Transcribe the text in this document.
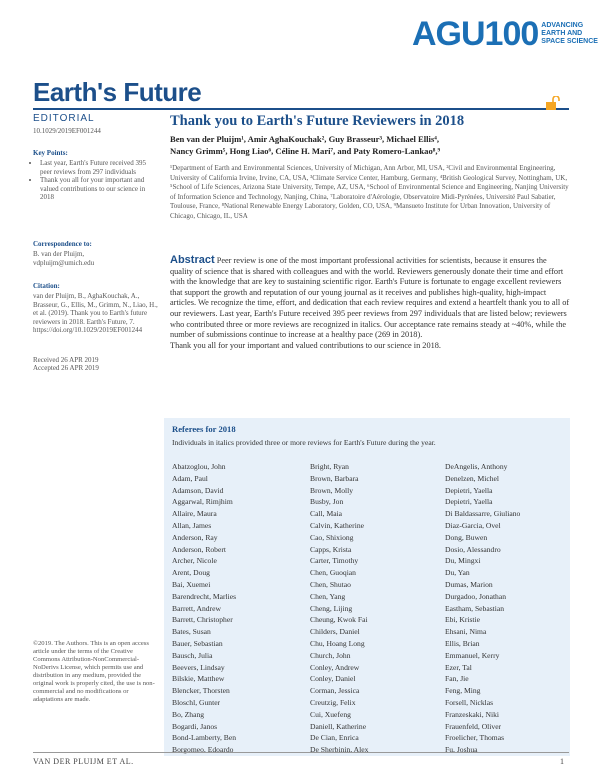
AGU100 ADVANCING
EARTH AND
SPACE SCIENCE
Earth's Future
EDITORIAL
10.1029/2019EF001244
Key Points:
• Last year, Earth's Future received 395 peer reviews from 297 individuals
• Thank you all for your important and valued contributions to our science in 2018
Correspondence to:
B. van der Pluijm,
vdpluijm@umich.edu
Citation:
van der Pluijm, B., AghaKouchak, A., Brasseur, G., Ellis, M., Grimm, N., Liao, H., et al. (2019). Thank you to Earth's future reviewers in 2018. Earth's Future, 7. https://doi.org/10.1029/2019EF001244
Received 26 APR 2019
Accepted 26 APR 2019
©2019. The Authors. This is an open access article under the terms of the Creative Commons Attribution-NonCommercial-NoDerivs License, which permits use and distribution in any medium, provided the original work is properly cited, the use is non-commercial and no modifications or adaptations are made.
Thank you to Earth's Future Reviewers in 2018
Ben van der Pluijm¹, Amir AghaKouchak², Guy Brasseur³, Michael Ellis⁴,
Nancy Grimm⁵, Hong Liao⁶, Céline H. Mari⁷, and Paty Romero-Lankao⁸,⁹
¹Department of Earth and Environmental Sciences, University of Michigan, Ann Arbor, MI, USA, ²Civil and Environmental Engineering, University of California Irvine, Irvine, CA, USA, ³Climate Service Center, Hamburg, Germany, ⁴British Geological Survey, Nottingham, UK, ⁵School of Life Sciences, Arizona State University, Tempe, AZ, USA, ⁶School of Environmental Science and Engineering, Nanjing University of Information Science and Technology, Nanjing, China, ⁷Laboratoire d'Aérologie, Observatoire Midi-Pyrénées, Université Paul Sabatier, Toulouse, France, ⁸National Renewable Energy Laboratory, Golden, CO, USA, ⁹Mansueto Institute for Urban Innovation, University of Chicago, Chicago, IL, USA
Abstract Peer review is one of the most important professional activities for scientists, because it ensures the quality of science that is shared with colleagues and with the world. Reviewers generously donate their time and effort with the knowledge that are key to sustaining scientific rigor. Earth's Future is fortunate to engage excellent reviewers that support the growth and reputation of our young journal as it receives and publishes high-quality, high-impact articles. We recognize the time, effort, and dedication that each review requires and extend a heartfelt thank you to all of our reviewers. Last year, Earth's Future received 395 peer reviews from 297 individuals that are listed below; reviewers who contributed three or more reviews are recognized in italics. Our acceptance rate remains steady at ~40%, while the number of submissions continue to increase at a healthy pace (269 in 2018).
Thank you all for your important and valued contributions to our science in 2018.
Referees for 2018
Individuals in italics provided three or more reviews for Earth's Future during the year.
Abatzoglou, John
Adam, Paul
Adamson, David
Aggarwal, Rimjhim
Allaire, Maura
Allan, James
Anderson, Ray
Anderson, Robert
Archer, Nicole
Arent, Doug
Bai, Xuemei
Barendrecht, Marlies
Barrett, Andrew
Barrett, Christopher
Bates, Susan
Bauer, Sebastian
Bausch, Julia
Beevers, Lindsay
Bilskie, Matthew
Blencker, Thorsten
Bloschl, Gunter
Bo, Zhang
Bogardi, Janos
Bond-Lamberty, Ben
Borgomeo, Edoardo
Bright, Ryan
Brown, Barbara
Brown, Molly
Busby, Jon
Call, Maia
Calvin, Katherine
Cao, Shixiong
Capps, Krista
Carter, Timothy
Chen, Guoqian
Chen, Shutao
Chen, Yang
Cheng, Lijing
Cheung, Kwok Fai
Childers, Daniel
Chu, Hoang Long
Church, John
Conley, Andrew
Conley, Daniel
Corman, Jessica
Creutzig, Felix
Cui, Xuefeng
Daniell, Katherine
De Cian, Enrica
De Sherbinin, Alex
DeAngelis, Anthony
Denelzen, Michel
Depietri, Yaella
Depietri, Yaella
Di Baldassarre, Giuliano
Diaz-Garcia, Ovel
Dong, Buwen
Dosio, Alessandro
Du, Mingxi
Du, Yan
Dumas, Marion
Durgadoo, Jonathan
Eastham, Sebastian
Ebi, Kristie
Ehsani, Nima
Ellis, Brian
Emmanuel, Kerry
Ezer, Tal
Fan, Jie
Feng, Ming
Forsell, Nicklas
Franzeskaki, Niki
Frauenfeld, Oliver
Froelicher, Thomas
Fu, Joshua
VAN DER PLUIJM ET AL.	1
